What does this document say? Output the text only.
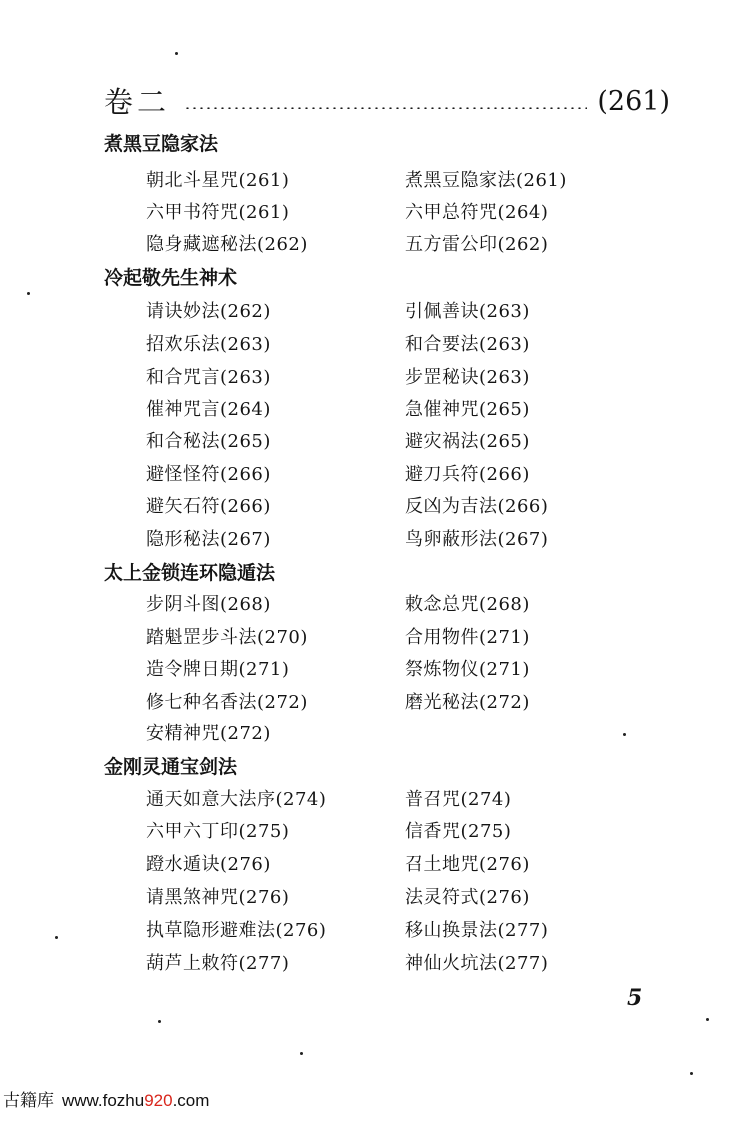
卷二	(261)
煮黑豆隐家法
朝北斗星咒(261)	煮黑豆隐家法(261)
六甲书符咒(261)	六甲总符咒(264)
隐身藏遮秘法(262)	五方雷公印(262)
冷起敬先生神术
请诀妙法(262)	引佩善诀(263)
招欢乐法(263)	和合要法(263)
和合咒言(263)	步罡秘诀(263)
催神咒言(264)	急催神咒(265)
和合秘法(265)	避灾祸法(265)
避怪怪符(266)	避刀兵符(266)
避矢石符(266)	反凶为吉法(266)
隐形秘法(267)	鸟卵蔽形法(267)
太上金锁连环隐遁法
步阴斗图(268)	敕念总咒(268)
踏魁罡步斗法(270)	合用物件(271)
造令牌日期(271)	祭炼物仪(271)
修七种名香法(272)	磨光秘法(272)
安精神咒(272)
金刚灵通宝剑法
通天如意大法序(274)	普召咒(274)
六甲六丁印(275)	信香咒(275)
蹬水遁诀(276)	召土地咒(276)
请黑煞神咒(276)	法灵符式(276)
执草隐形避难法(276)	移山换景法(277)
葫芦上敕符(277)	神仙火坑法(277)
5
古籍库 www.fozhu920.com
